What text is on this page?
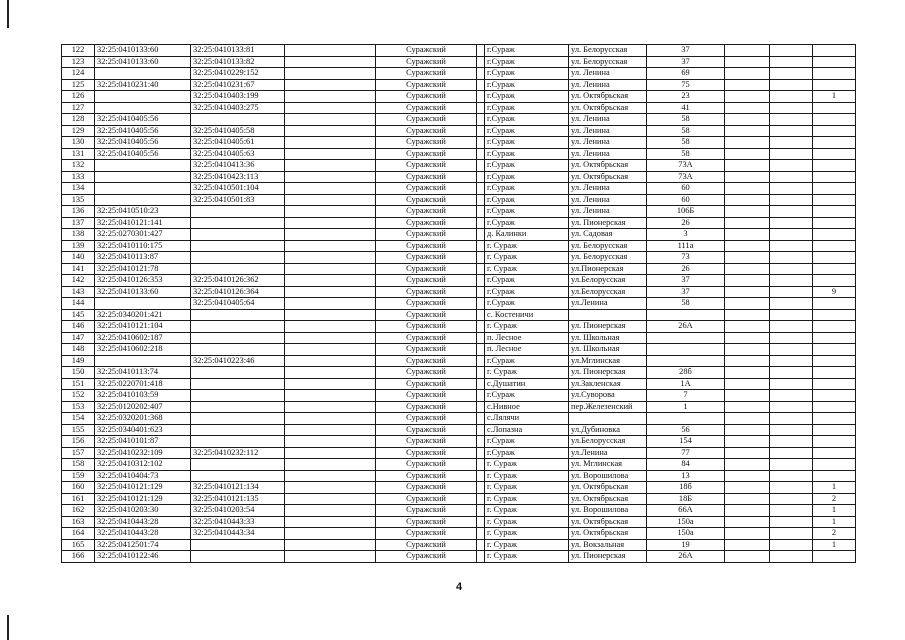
122	32:25:0410133:60	32:25:0410133:81		Суражский		г.Сураж	ул. Белорусская	37			
123	32:25:0410133:60	32:25:0410133:82		Суражский		г.Сураж	ул. Белорусская	37			
124		32:25:0410229:152		Суражский		г.Сураж	ул. Ленина	69			
125	32:25:0410231:40	32:25:0410231:67		Суражский		г.Сураж	ул. Ленина	75			
126		32:25:0410403:199		Суражский		г.Сураж	ул. Октябрьская	23			1
127		32:25:0410403:275		Суражский		г.Сураж	ул. Октябрьская	41			
128	32:25:0410405:56			Суражский		г.Сураж	ул. Ленина	58			
129	32:25:0410405:56	32:25:0410405:58		Суражский		г.Сураж	ул. Ленина	58			
130	32:25:0410405:56	32:25:0410405:61		Суражский		г.Сураж	ул. Ленина	58			
131	32:25:0410405:56	32:25:0410405:63		Суражский		г.Сураж	ул. Ленина	58			
132		32:25:0410413:36		Суражский		г.Сураж	ул. Октябрьская	73А			
133		32:25:0410423:113		Суражский		г.Сураж	ул. Октябрьская	73А			
134		32:25:0410501:104		Суражский		г.Сураж	ул. Ленина	60			
135		32:25:0410501:83		Суражский		г.Сураж	ул. Ленина	60			
136	32:25:0410510:23			Суражский		г.Сураж	ул. Ленина	106Б			
137	32:25:0410121:141			Суражский		г.Сураж	ул. Пионерская	26			
138	32:25:0270301:427			Суражский		д. Калинки	ул. Садовая	3			
139	32:25:0410110:175			Суражский		г. Сураж	ул. Белорусская	111а			
140	32:25:0410113:87			Суражский		г. Сураж	ул. Белорусская	73			
141	32:25:0410121:78			Суражский		г. Сураж	ул.Пионерская	26			
142	32:25:0410126:353	32:25:0410126:362		Суражский		г.Сураж	ул.Белорусская	37			
143	32:25:0410133:60	32:25:0410126:364		Суражский		г.Сураж	ул.Белорусская	37			9
144		32:25:0410405:64		Суражский		г.Сураж	ул.Ленина	58			
145	32:25:0340201:421			Суражский		с. Костеничи					
146	32:25:0410121:104			Суражский		г. Сураж	ул. Пионерская	26А			
147	32:25:0410602:187			Суражский		п. Лесное	ул. Школьная				
148	32:25:0410602:218			Суражский		п. Лесное	ул. Школьная				
149		32:25:0410223:46		Суражский		г.Сураж	ул.Мглинская				
150	32:25:0410113:74			Суражский		г. Сураж	ул. Пионерская	28б			
151	32:25:0220701:418			Суражский		с.Душатин	ул.Закленская	1А			
152	32:25:0410103:59			Суражский		г.Сураж	ул.Суворова	7			
153	32:25:0120202:407			Суражский		с.Нивное	пер.Железенский	1			
154	32:25:0320201:368			Суражский		с.Лялячи					
155	32:25:0340401:623			Суражский		с.Лопазна	ул.Дубиновка	56			
156	32:25:0410101:87			Суражский		г.Сураж	ул.Белорусская	154			
157	32:25:0410232:109	32:25:0410232:112		Суражский		г.Сураж	ул.Ленина	77			
158	32:25:0410312:102			Суражский		г. Сураж	ул. Мглинская	84			
159	32:25:0410404:73			Суражский		г. Сураж	ул. Ворошилова	13			
160	32:25:0410121:129	32:25:0410121:134		Суражский		г. Сураж	ул. Октябрьская	18б			1
161	32:25:0410121:129	32:25:0410121:135		Суражский		г. Сураж	ул. Октябрьская	18Б			2
162	32:25:0410203:30	32:25:0410203:54		Суражский		г. Сураж	ул. Ворошилова	66А			1
163	32:25:0410443:28	32:25:0410443:33		Суражский		г. Сураж	ул. Октябрьская	150а			1
164	32:25:0410443:28	32:25:0410443:34		Суражский		г. Сураж	ул. Октябрьская	150а			2
165	32:25:0412501:74			Суражский		г. Сураж	ул. Вокзальная	19			1
166	32:25:0410122:46			Суражский		г. Сураж	ул. Пионерская	26А			
4
